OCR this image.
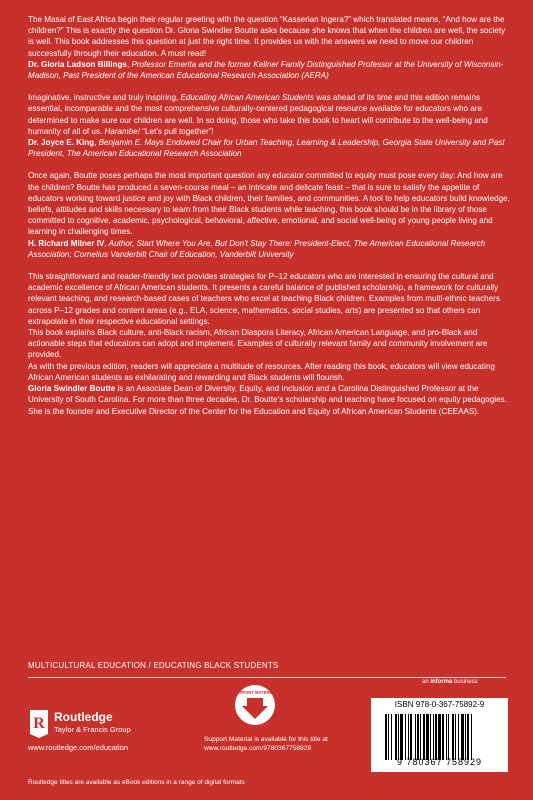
The Masai of East Africa begin their regular greeting with the question “Kasserian Ingera?” which translated means, “And how are the children?” This is exactly the question Dr. Gloria Swindler Boutte asks because she knows that when the children are well, the society is well. This book addresses this question at just the right time. It provides us with the answers we need to move our children successfully through their education. A must read!

Dr. Gloria Ladson Billings, Professor Emerita and the former Kellner Family Distinguished Professor at the University of Wisconsin-Madison, Past President of the American Educational Research Association (AERA)

Imaginative, instructive and truly inspiring, Educating African American Students was ahead of its time and this edition remains essential, incomparable and the most comprehensive culturally-centered pedagogical resource available for educators who are determined to make sure our children are well. In so doing, those who take this book to heart will contribute to the well-being and humanity of all of us. Harambe! “Let’s pull together”!

Dr. Joyce E. King, Benjamin E. Mays Endowed Chair for Urban Teaching, Learning & Leadership, Georgia State University and Past President, The American Educational Research Association

Once again, Boutte poses perhaps the most important question any educator committed to equity must pose every day: And how are the children? Boutte has produced a seven-course meal – an intricate and delicate feast – that is sure to satisfy the appetite of educators working toward justice and joy with Black children, their families, and communities. A tool to help educators build knowledge, beliefs, attitudes and skills necessary to learn from their Black students while teaching, this book should be in the library of those committed to cognitive, academic, psychological, behavioral, affective, emotional, and social well-being of young people living and learning in challenging times.

H. Richard Milner IV, Author, Start Where You Are, But Don't Stay There: President-Elect, The American Educational Research Association; Cornelius Vanderbilt Chair of Education, Vanderbilt University

This straightforward and reader-friendly text provides strategies for P–12 educators who are interested in ensuring the cultural and academic excellence of African American students. It presents a careful balance of published scholarship, a framework for culturally relevant teaching, and research-based cases of teachers who excel at teaching Black children. Examples from multi-ethnic teachers across P–12 grades and content areas (e.g., ELA, science, mathematics, social studies, arts) are presented so that others can extrapolate in their respective educational settings.

This book explains Black culture, anti-Black racism, African Diaspora Literacy, African American Language, and pro-Black and actionable steps that educators can adopt and implement. Examples of culturally relevant family and community involvement are provided.

As with the previous edition, readers will appreciate a multitude of resources. After reading this book, educators will view educating African American students as exhilarating and rewarding and Black students will flourish.

Gloria Swindler Boutte is an Associate Dean of Diversity, Equity, and Inclusion and a Carolina Distinguished Professor at the University of South Carolina. For more than three decades, Dr. Boutte's scholarship and teaching have focused on equity pedagogies. She is the founder and Executive Director of the Center for the Education and Equity of African American Students (CEEAAS).

MULTICULTURAL EDUCATION / EDUCATING BLACK STUDENTS
an informa business
R Routledge
Taylor & Francis Group
www.routledge.com/education
SUPPORT MATERIAL
Support Material is available for this title at
www.routledge.com/9780367758929
ISBN 978-0-367-75892-9
9 780367 758929
Routledge titles are available as eBook editions in a range of digital formats
